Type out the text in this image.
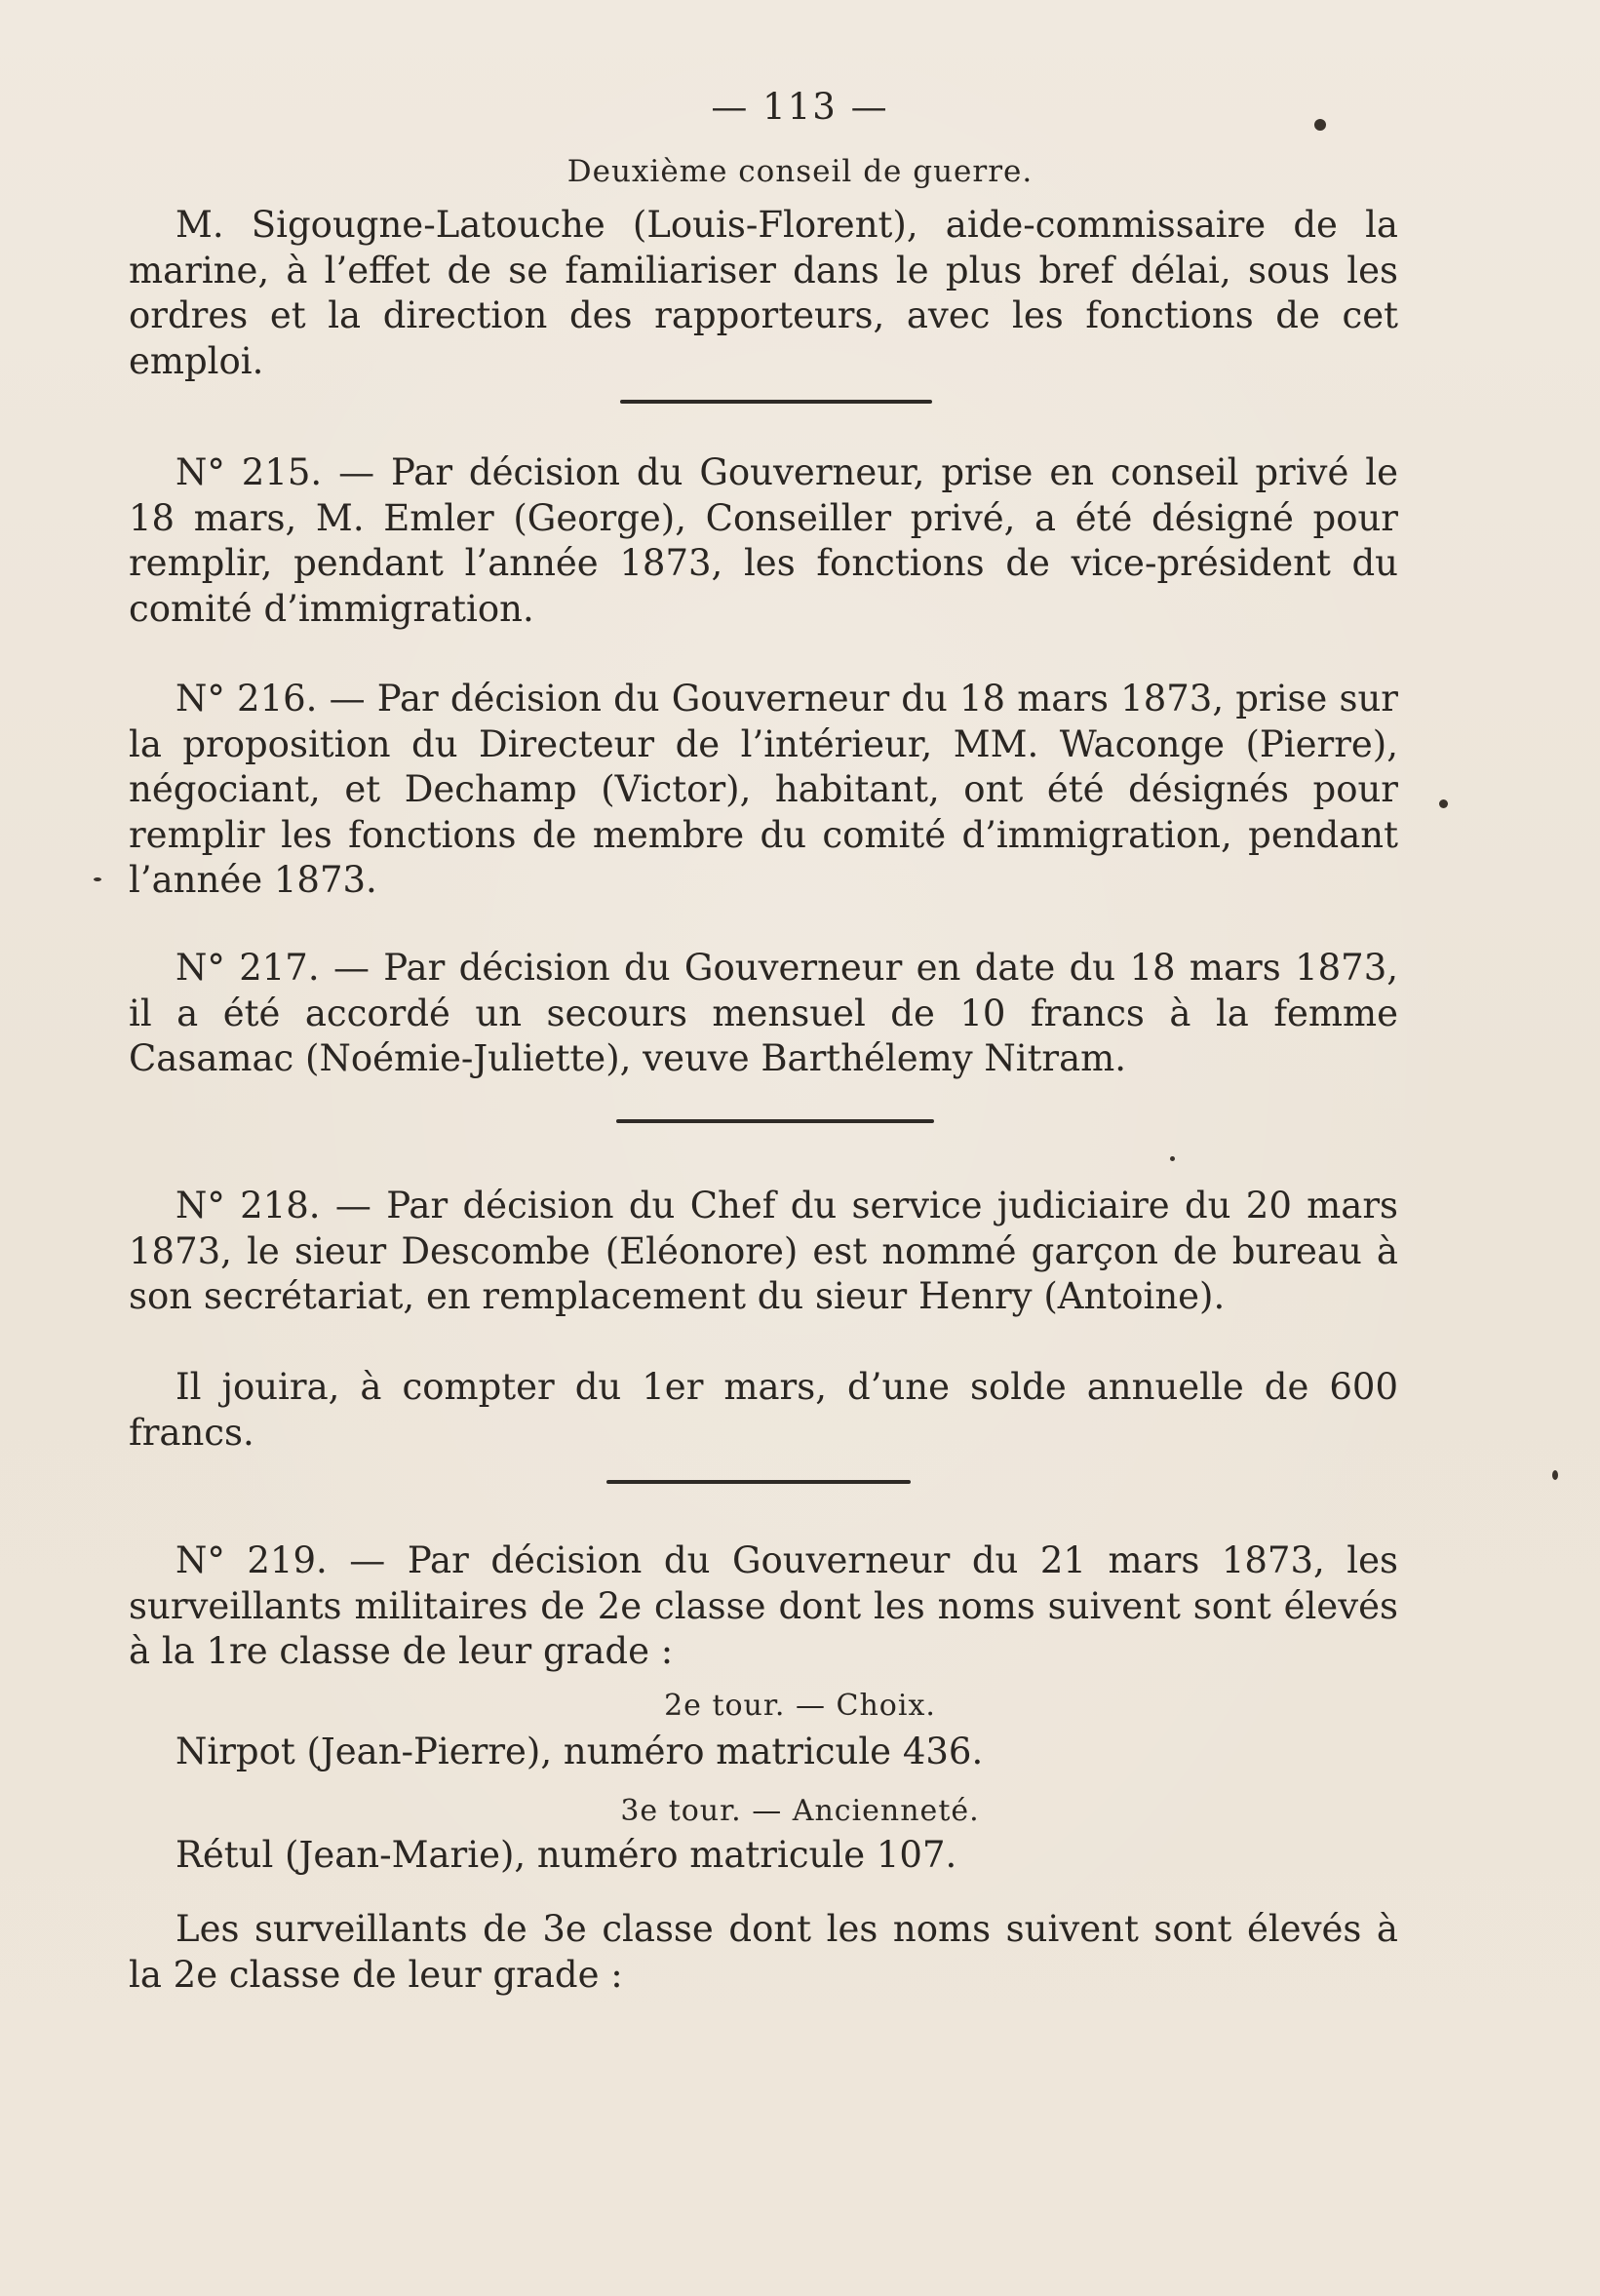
— 113 —
Deuxième conseil de guerre.

M. Sigougne-Latouche (Louis-Florent), aide-commissaire de la marine, à l’effet de se familiariser dans le plus bref délai, sous les ordres et la direction des rapporteurs, avec les fonctions de cet emploi.

N° 215. — Par décision du Gouverneur, prise en conseil privé le 18 mars, M. Emler (George), Conseiller privé, a été désigné pour remplir, pendant l’année 1873, les fonctions de vice-président du comité d’immigration.

N° 216. — Par décision du Gouverneur du 18 mars 1873, prise sur la proposition du Directeur de l’intérieur, MM. Waconge (Pierre), négociant, et Dechamp (Victor), habitant, ont été désignés pour remplir les fonctions de membre du comité d’immigration, pendant l’année 1873.

N° 217. — Par décision du Gouverneur en date du 18 mars 1873, il a été accordé un secours mensuel de 10 francs à la femme Casamac (Noémie-Juliette), veuve Barthélemy Nitram.

N° 218. — Par décision du Chef du service judiciaire du 20 mars 1873, le sieur Descombe (Eléonore) est nommé garçon de bureau à son secrétariat, en remplacement du sieur Henry (Antoine).

Il jouira, à compter du 1er mars, d’une solde annuelle de 600 francs.

N° 219. — Par décision du Gouverneur du 21 mars 1873, les surveillants militaires de 2e classe dont les noms suivent sont élevés à la 1re classe de leur grade :

2e tour. — Choix.
Nirpot (Jean-Pierre), numéro matricule 436.
3e tour. — Ancienneté.
Rétul (Jean-Marie), numéro matricule 107.

Les surveillants de 3e classe dont les noms suivent sont élevés à la 2e classe de leur grade :
